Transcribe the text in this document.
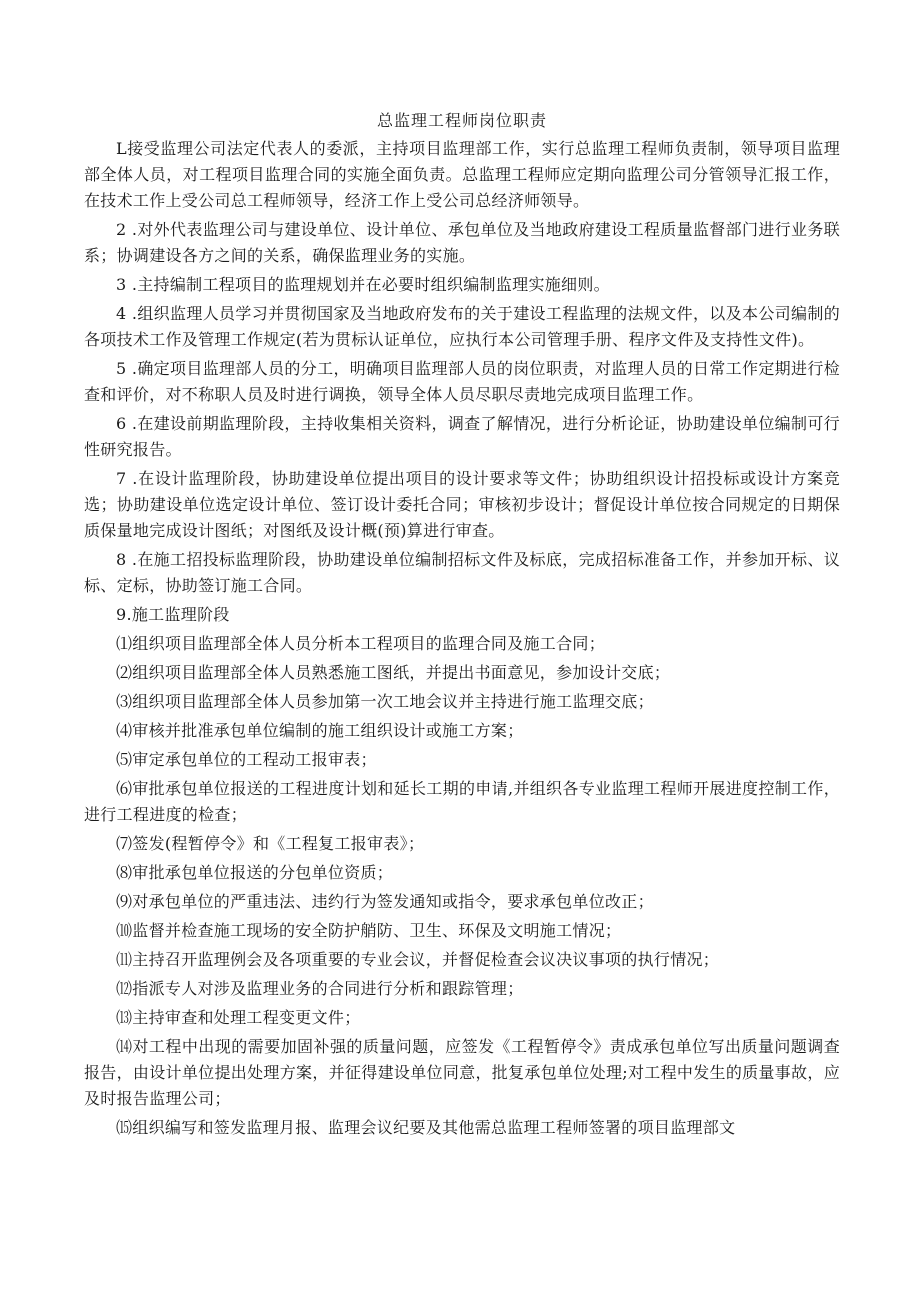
总监理工程师岗位职责

L接受监理公司法定代表人的委派，主持项目监理部工作，实行总监理工程师负责制，领导项目监理部全体人员，对工程项目监理合同的实施全面负责。总监理工程师应定期向监理公司分管领导汇报工作，在技术工作上受公司总工程师领导，经济工作上受公司总经济师领导。

2 .对外代表监理公司与建设单位、设计单位、承包单位及当地政府建设工程质量监督部门进行业务联系；协调建设各方之间的关系，确保监理业务的实施。

3 .主持编制工程项目的监理规划并在必要时组织编制监理实施细则。

4 .组织监理人员学习并贯彻国家及当地政府发布的关于建设工程监理的法规文件，以及本公司编制的各项技术工作及管理工作规定(若为贯标认证单位，应执行本公司管理手册、程序文件及支持性文件)。

5 .确定项目监理部人员的分工，明确项目监理部人员的岗位职责，对监理人员的日常工作定期进行检查和评价，对不称职人员及时进行调换，领导全体人员尽职尽责地完成项目监理工作。

6 .在建设前期监理阶段，主持收集相关资料，调查了解情况，进行分析论证，协助建设单位编制可行性研究报告。

7 .在设计监理阶段，协助建设单位提出项目的设计要求等文件；协助组织设计招投标或设计方案竞选；协助建设单位选定设计单位、签订设计委托合同；审核初步设计；督促设计单位按合同规定的日期保质保量地完成设计图纸；对图纸及设计概(预)算进行审查。

8 .在施工招投标监理阶段，协助建设单位编制招标文件及标底，完成招标准备工作，并参加开标、议标、定标，协助签订施工合同。

9.施工监理阶段

⑴组织项目监理部全体人员分析本工程项目的监理合同及施工合同；

⑵组织项目监理部全体人员熟悉施工图纸，并提出书面意见，参加设计交底；

⑶组织项目监理部全体人员参加第一次工地会议并主持进行施工监理交底；

⑷审核并批准承包单位编制的施工组织设计或施工方案；

⑸审定承包单位的工程动工报审表；

⑹审批承包单位报送的工程进度计划和延长工期的申请,并组织各专业监理工程师开展进度控制工作，进行工程进度的检查；

⑺签发(程暂停令》和《工程复工报审表》；

⑻审批承包单位报送的分包单位资质；

⑼对承包单位的严重违法、违约行为签发通知或指令，要求承包单位改正；

⑽监督并检查施工现场的安全防护艄防、卫生、环保及文明施工情况；

⑾主持召开监理例会及各项重要的专业会议，并督促检查会议决议事项的执行情况；

⑿指派专人对涉及监理业务的合同进行分析和跟踪管理；

⒀主持审查和处理工程变更文件；

⒁对工程中出现的需要加固补强的质量问题，应签发《工程暂停令》责成承包单位写出质量问题调查报告，由设计单位提出处理方案，并征得建设单位同意，批复承包单位处理;对工程中发生的质量事故，应及时报告监理公司；

⒂组织编写和签发监理月报、监理会议纪要及其他需总监理工程师签署的项目监理部文
